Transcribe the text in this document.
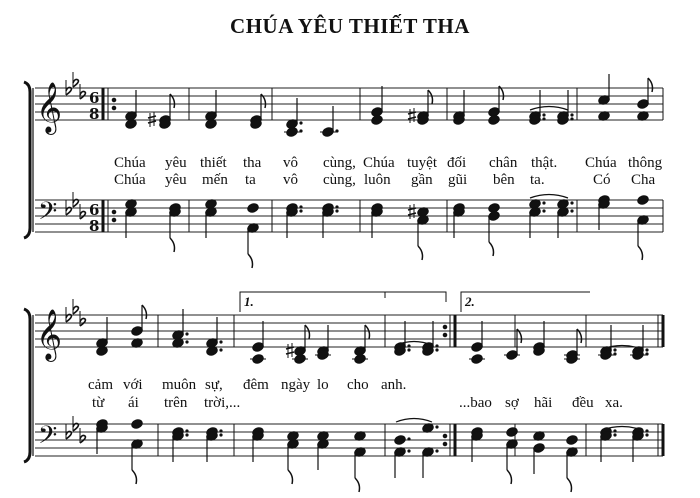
CHÚA YÊU THIẾT THA
𝄞
𝄢
𝄞
𝄢
6
8
6
8
1.	2.
Chúa yêu thiết tha vô cùng, Chúa tuyệt đối chân thật. Chúa thông
Chúa yêu mến ta vô cùng, luôn gần gũi bên ta.	Có Cha
cảm với muôn sự, đêm ngày lo cho anh.
từ ái trên trời,...	...bao sợ hãi đều xa.
